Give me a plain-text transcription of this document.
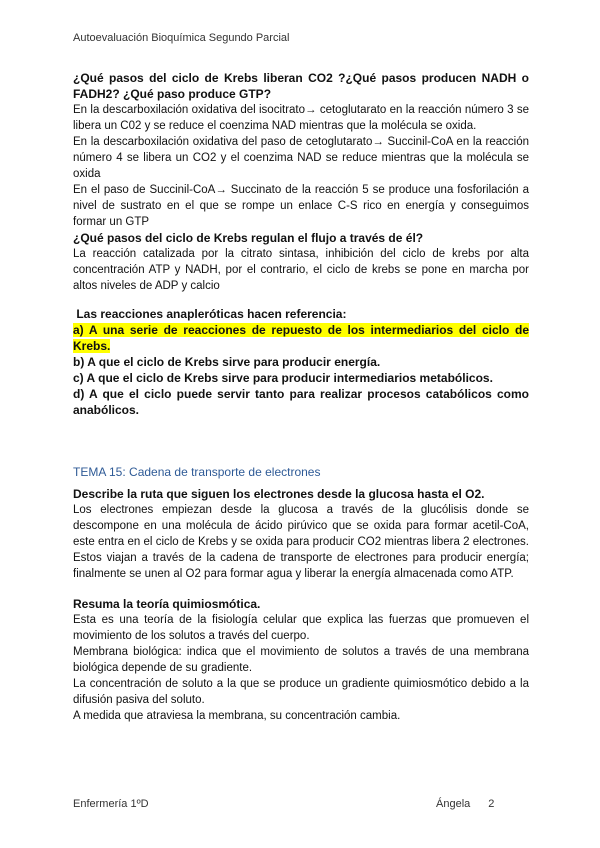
Autoevaluación Bioquímica Segundo Parcial

¿Qué pasos del ciclo de Krebs liberan CO2 ?¿Qué pasos producen NADH o FADH2? ¿Qué paso produce GTP?

En la descarboxilación oxidativa del isocitrato→ cetoglutarato en la reacción número 3 se libera un C02 y se reduce el coenzima NAD mientras que la molécula se oxida.

En la descarboxilación oxidativa del paso de cetoglutarato→ Succinil-CoA en la reacción número 4 se libera un CO2 y el coenzima NAD se reduce mientras que la molécula se oxida

En el paso de Succinil-CoA→ Succinato de la reacción 5 se produce una fosforilación a nivel de sustrato en el que se rompe un enlace C-S rico en energía y conseguimos formar un GTP

¿Qué pasos del ciclo de Krebs regulan el flujo a través de él?

La reacción catalizada por la citrato sintasa, inhibición del ciclo de krebs por alta concentración ATP y NADH, por el contrario, el ciclo de krebs se pone en marcha por altos niveles de ADP y calcio

Las reacciones anapleróticas hacen referencia:

a) A una serie de reacciones de repuesto de los intermediarios del ciclo de Krebs.

b) A que el ciclo de Krebs sirve para producir energía.

c) A que el ciclo de Krebs sirve para producir intermediarios metabólicos.

d) A que el ciclo puede servir tanto para realizar procesos catabólicos como anabólicos.

TEMA 15: Cadena de transporte de electrones

Describe la ruta que siguen los electrones desde la glucosa hasta el O2.

Los electrones empiezan desde la glucosa a través de la glucólisis donde se descompone en una molécula de ácido pirúvico que se oxida para formar acetil-CoA, este entra en el ciclo de Krebs y se oxida para producir CO2 mientras libera 2 electrones. Estos viajan a través de la cadena de transporte de electrones para producir energía; finalmente se unen al O2 para formar agua y liberar la energía almacenada como ATP.

Resuma la teoría quimiosmótica.

Esta es una teoría de la fisiología celular que explica las fuerzas que promueven el movimiento de los solutos a través del cuerpo.

Membrana biológica: indica que el movimiento de solutos a través de una membrana biológica depende de su gradiente.

La concentración de soluto a la que se produce un gradiente quimiosmótico debido a la difusión pasiva del soluto.

A medida que atraviesa la membrana, su concentración cambia.

Enfermería 1ºD	Ángela 2
